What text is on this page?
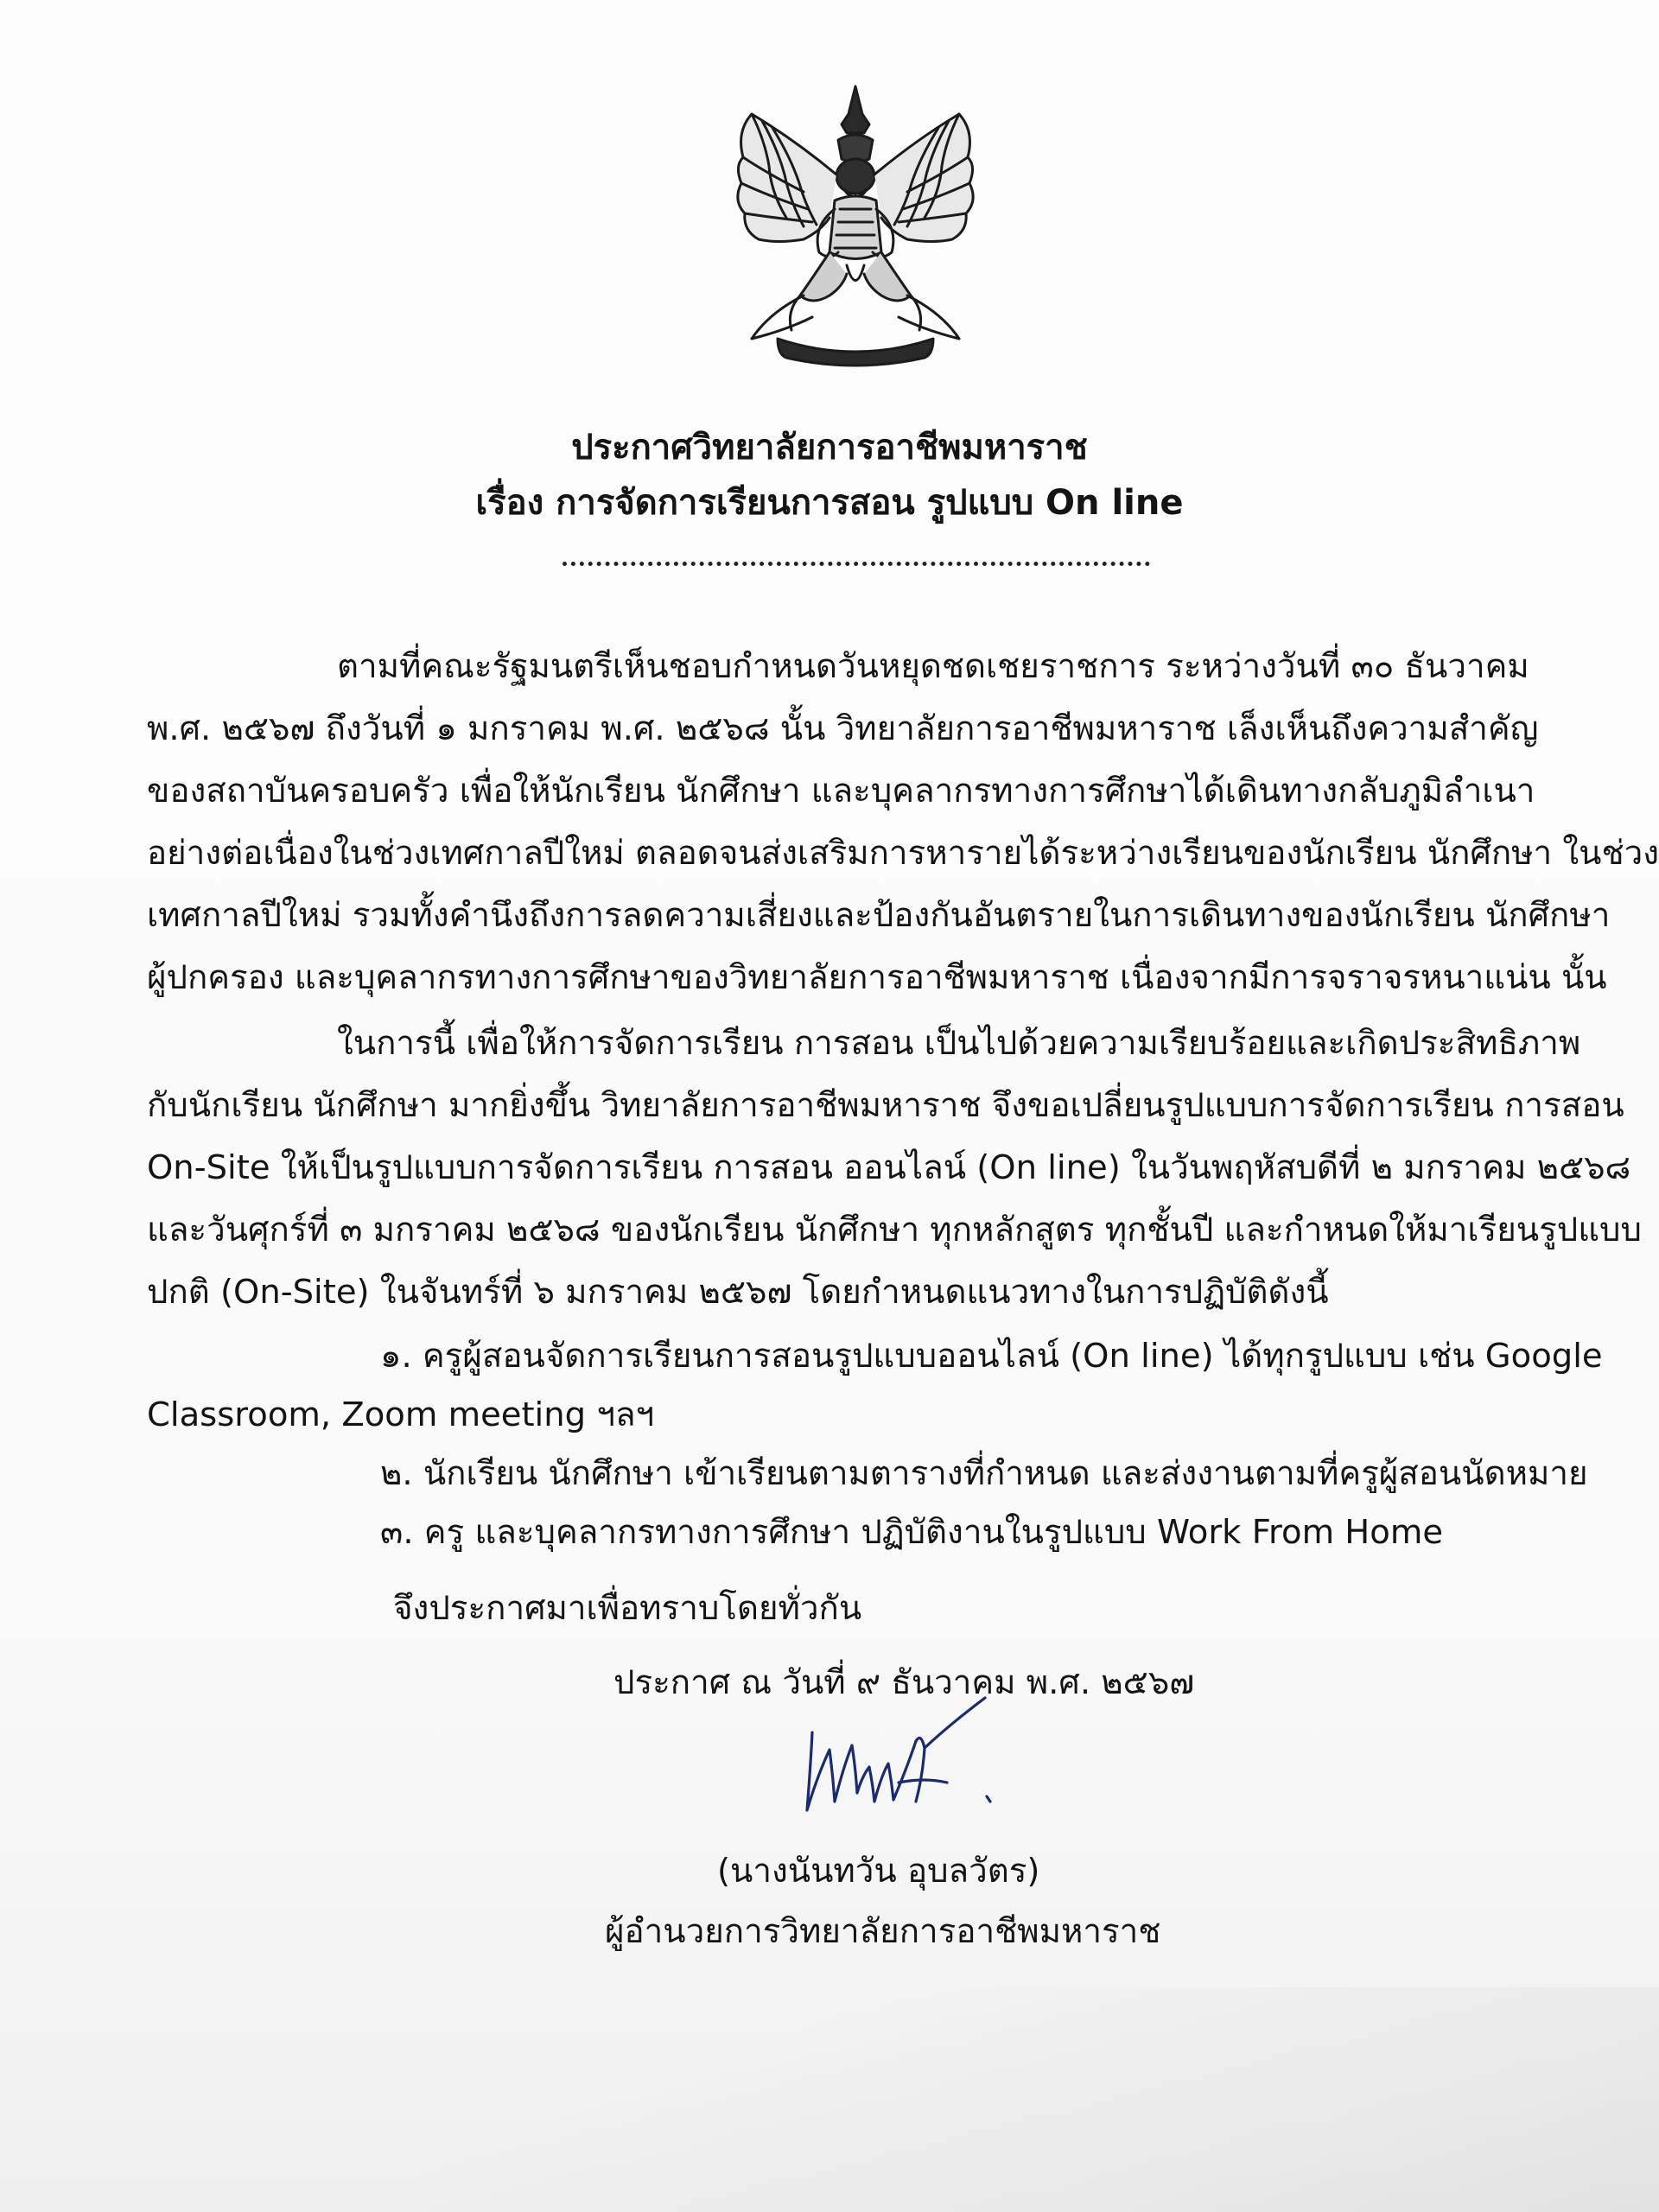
ประกาศวิทยาลัยการอาชีพมหาราช
เรื่อง การจัดการเรียนการสอน รูปแบบ On line
ตามที่คณะรัฐมนตรีเห็นชอบกำหนดวันหยุดชดเชยราชการ ระหว่างวันที่ ๓๐ ธันวาคม
พ.ศ. ๒๕๖๗ ถึงวันที่ ๑ มกราคม พ.ศ. ๒๕๖๘ นั้น วิทยาลัยการอาชีพมหาราช เล็งเห็นถึงความสำคัญ
ของสถาบันครอบครัว เพื่อให้นักเรียน นักศึกษา และบุคลากรทางการศึกษาได้เดินทางกลับภูมิลำเนา
อย่างต่อเนื่องในช่วงเทศกาลปีใหม่ ตลอดจนส่งเสริมการหารายได้ระหว่างเรียนของนักเรียน นักศึกษา ในช่วง
เทศกาลปีใหม่ รวมทั้งคำนึงถึงการลดความเสี่ยงและป้องกันอันตรายในการเดินทางของนักเรียน นักศึกษา
ผู้ปกครอง และบุคลากรทางการศึกษาของวิทยาลัยการอาชีพมหาราช เนื่องจากมีการจราจรหนาแน่น นั้น
ในการนี้ เพื่อให้การจัดการเรียน การสอน เป็นไปด้วยความเรียบร้อยและเกิดประสิทธิภาพ
กับนักเรียน นักศึกษา มากยิ่งขึ้น วิทยาลัยการอาชีพมหาราช จึงขอเปลี่ยนรูปแบบการจัดการเรียน การสอน
On-Site ให้เป็นรูปแบบการจัดการเรียน การสอน ออนไลน์ (On line) ในวันพฤหัสบดีที่ ๒ มกราคม ๒๕๖๘
และวันศุกร์ที่ ๓ มกราคม ๒๕๖๘ ของนักเรียน นักศึกษา ทุกหลักสูตร ทุกชั้นปี และกำหนดให้มาเรียนรูปแบบ
ปกติ (On-Site) ในจันทร์ที่ ๖ มกราคม ๒๕๖๗ โดยกำหนดแนวทางในการปฏิบัติดังนี้
๑. ครูผู้สอนจัดการเรียนการสอนรูปแบบออนไลน์ (On line) ได้ทุกรูปแบบ เช่น Google
Classroom, Zoom meeting ฯลฯ
๒. นักเรียน นักศึกษา เข้าเรียนตามตารางที่กำหนด และส่งงานตามที่ครูผู้สอนนัดหมาย
๓. ครู และบุคลากรทางการศึกษา ปฏิบัติงานในรูปแบบ Work From Home
จึงประกาศมาเพื่อทราบโดยทั่วกัน
ประกาศ ณ วันที่ ๙ ธันวาคม พ.ศ. ๒๕๖๗
(นางนันทวัน อุบลวัตร)
ผู้อำนวยการวิทยาลัยการอาชีพมหาราช
